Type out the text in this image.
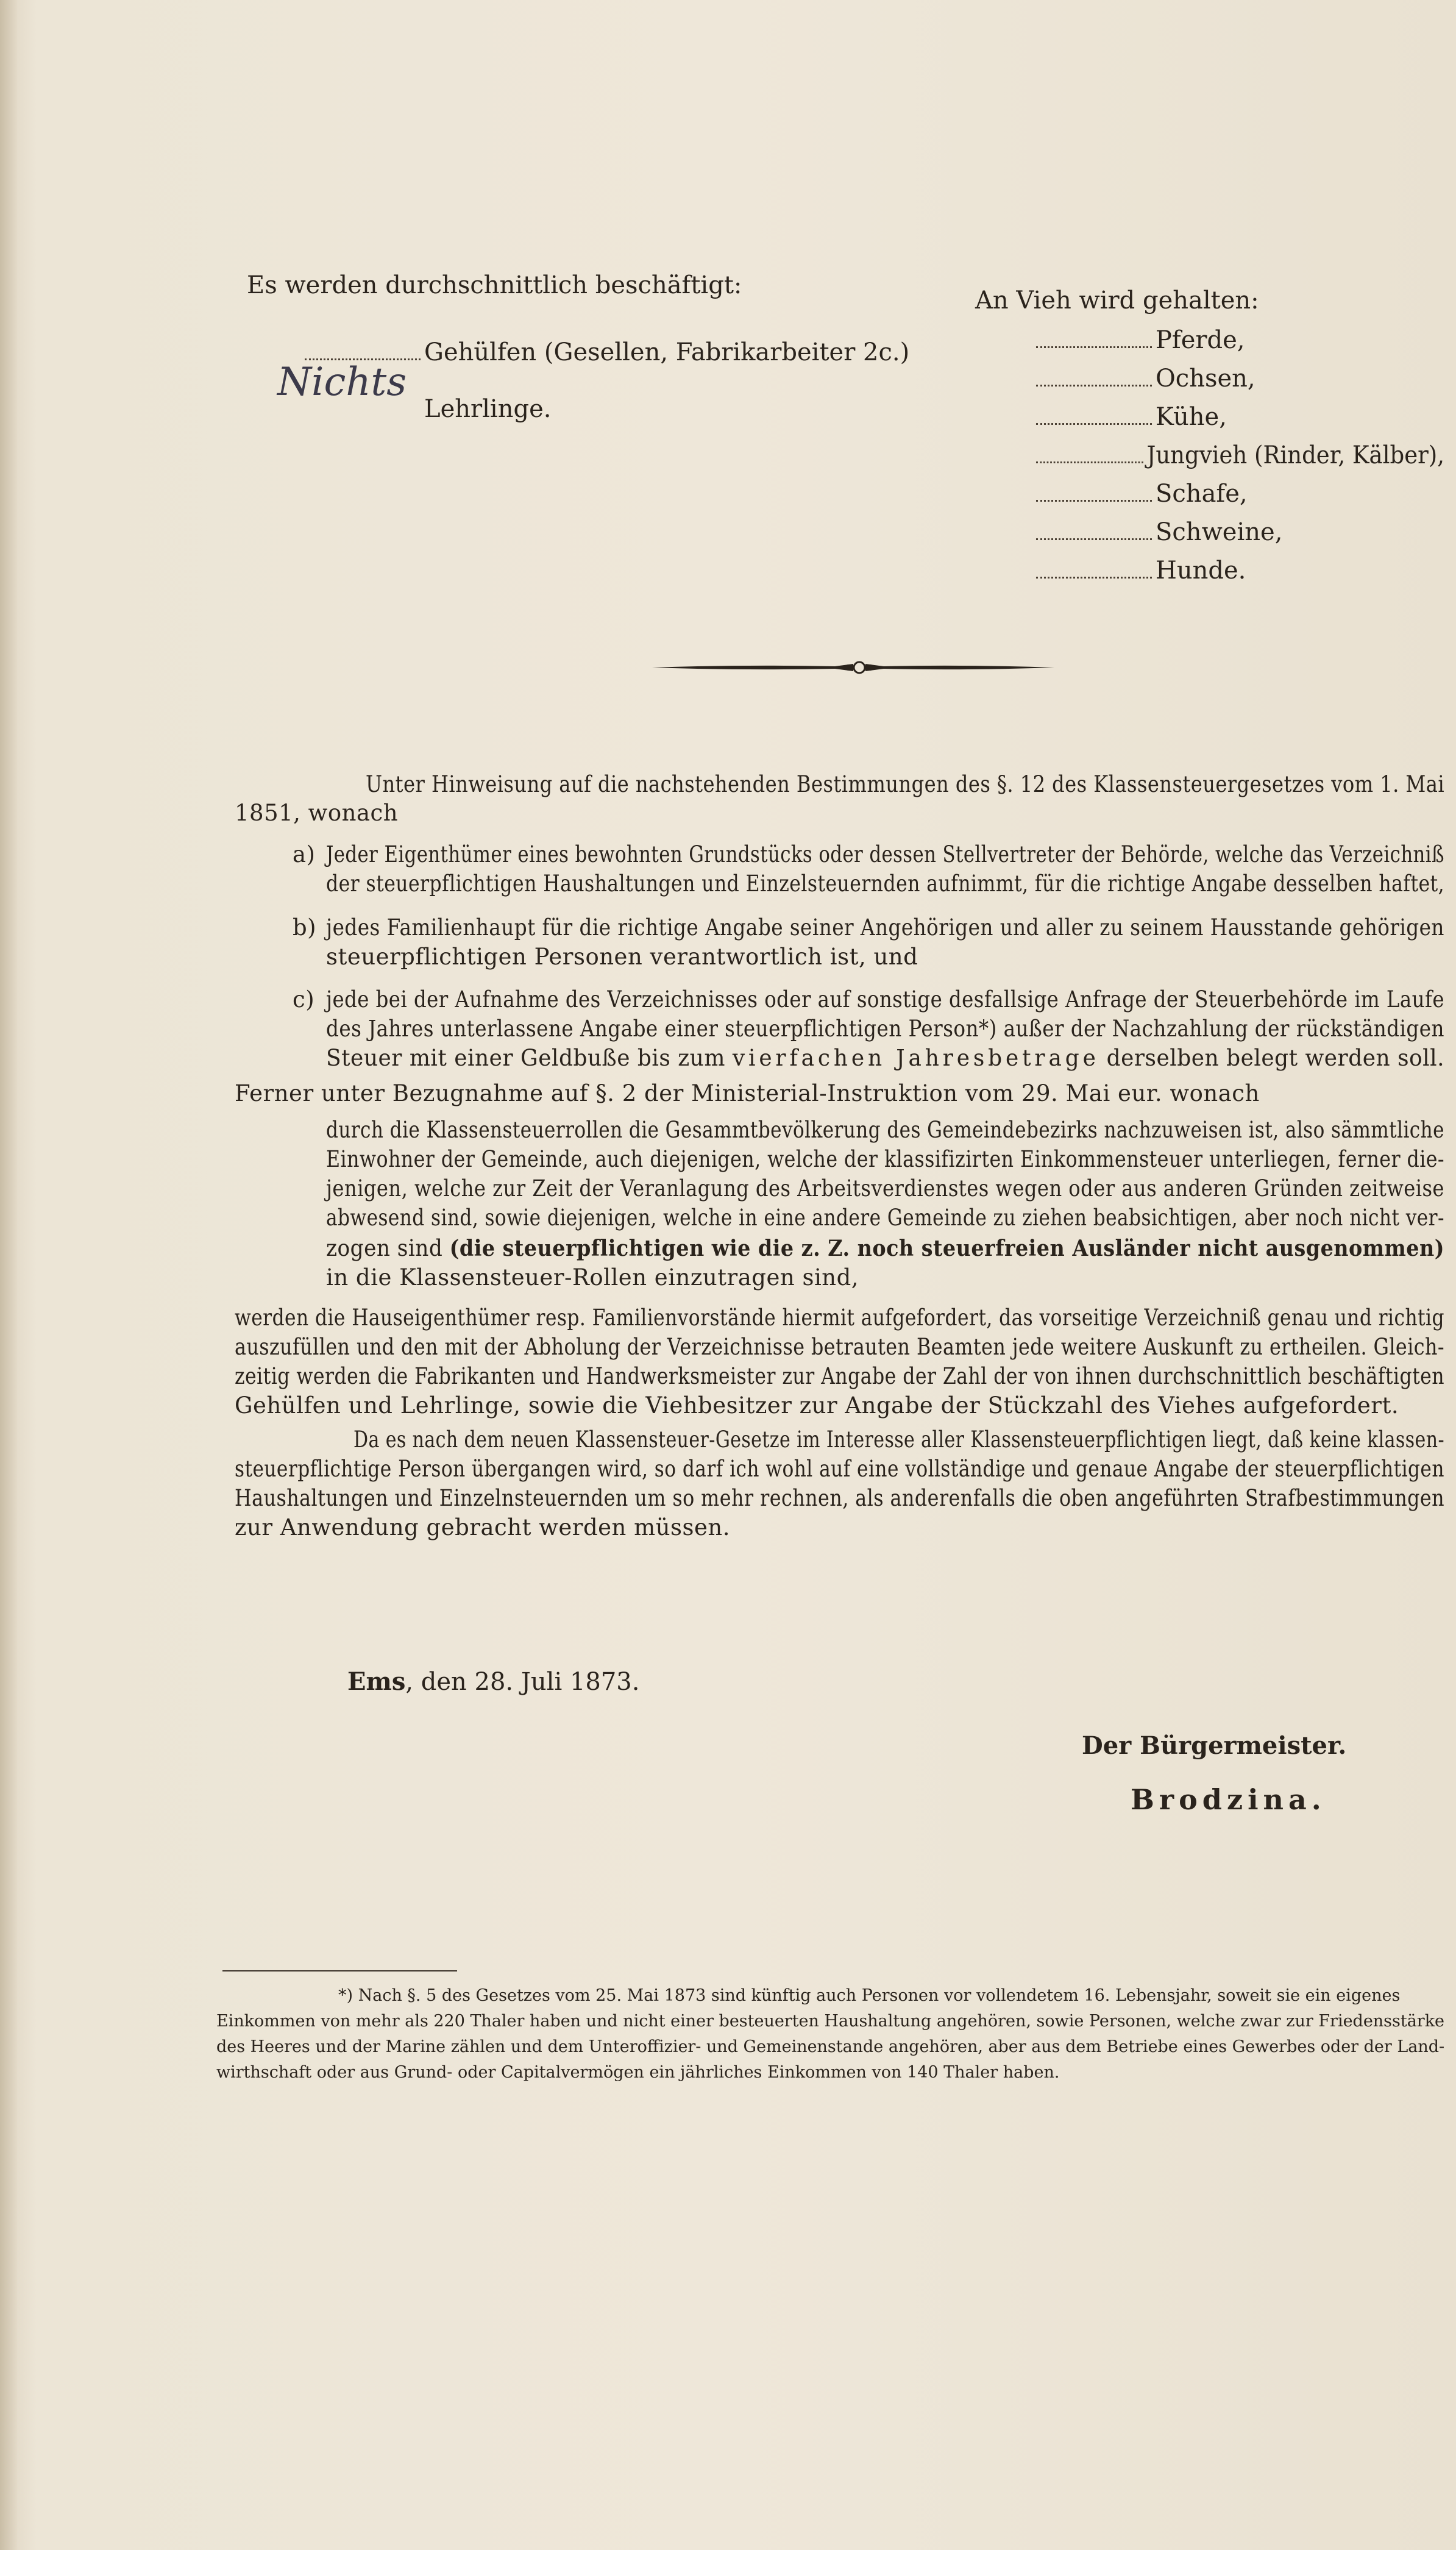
Es werden durchschnittlich beschäftigt:
Gehülfen (Gesellen, Fabrikarbeiter 2c.)
Nichts
Lehrlinge.
An Vieh wird gehalten:
Pferde,
Ochsen,
Kühe,
Jungvieh (Rinder, Kälber),
Schafe,
Schweine,
Hunde.
Unter Hinweisung auf die nachstehenden Bestimmungen des §. 12 des Klassensteuergesetzes vom 1. Mai
1851, wonach
a) Jeder Eigenthümer eines bewohnten Grundstücks oder dessen Stellvertreter der Behörde, welche das Verzeichniß
der steuerpflichtigen Haushaltungen und Einzelsteuernden aufnimmt, für die richtige Angabe desselben haftet,
b) jedes Familienhaupt für die richtige Angabe seiner Angehörigen und aller zu seinem Hausstande gehörigen
steuerpflichtigen Personen verantwortlich ist, und
c) jede bei der Aufnahme des Verzeichnisses oder auf sonstige desfallsige Anfrage der Steuerbehörde im Laufe
des Jahres unterlassene Angabe einer steuerpflichtigen Person*) außer der Nachzahlung der rückständigen
Steuer mit einer Geldbuße bis zum vierfachen Jahresbetrage derselben belegt werden soll.
Ferner unter Bezugnahme auf §. 2 der Ministerial-Instruktion vom 29. Mai eur. wonach
durch die Klassensteuerrollen die Gesammtbevölkerung des Gemeindebezirks nachzuweisen ist, also sämmtliche
Einwohner der Gemeinde, auch diejenigen, welche der klassifizirten Einkommensteuer unterliegen, ferner die-
jenigen, welche zur Zeit der Veranlagung des Arbeitsverdienstes wegen oder aus anderen Gründen zeitweise
abwesend sind, sowie diejenigen, welche in eine andere Gemeinde zu ziehen beabsichtigen, aber noch nicht ver-
zogen sind (die steuerpflichtigen wie die z. Z. noch steuerfreien Ausländer nicht ausgenommen)
in die Klassensteuer-Rollen einzutragen sind,
werden die Hauseigenthümer resp. Familienvorstände hiermit aufgefordert, das vorseitige Verzeichniß genau und richtig
auszufüllen und den mit der Abholung der Verzeichnisse betrauten Beamten jede weitere Auskunft zu ertheilen. Gleich-
zeitig werden die Fabrikanten und Handwerksmeister zur Angabe der Zahl der von ihnen durchschnittlich beschäftigten
Gehülfen und Lehrlinge, sowie die Viehbesitzer zur Angabe der Stückzahl des Viehes aufgefordert.
Da es nach dem neuen Klassensteuer-Gesetze im Interesse aller Klassensteuerpflichtigen liegt, daß keine klassen-
steuerpflichtige Person übergangen wird, so darf ich wohl auf eine vollständige und genaue Angabe der steuerpflichtigen
Haushaltungen und Einzelnsteuernden um so mehr rechnen, als anderenfalls die oben angeführten Strafbestimmungen
zur Anwendung gebracht werden müssen.
Ems, den 28. Juli 1873.
Der Bürgermeister.
Brodzina.
*) Nach §. 5 des Gesetzes vom 25. Mai 1873 sind künftig auch Personen vor vollendetem 16. Lebensjahr, soweit sie ein eigenes
Einkommen von mehr als 220 Thaler haben und nicht einer besteuerten Haushaltung angehören, sowie Personen, welche zwar zur Friedensstärke
des Heeres und der Marine zählen und dem Unteroffizier- und Gemeinenstande angehören, aber aus dem Betriebe eines Gewerbes oder der Land-
wirthschaft oder aus Grund- oder Capitalvermögen ein jährliches Einkommen von 140 Thaler haben.
